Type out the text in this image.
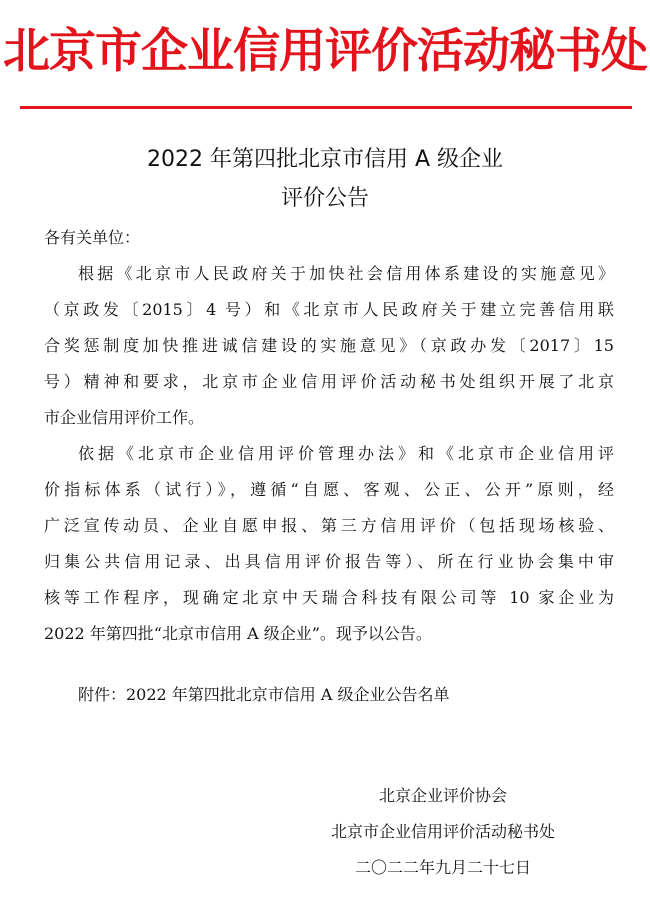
北京市企业信用评价活动秘书处
2022 年第四批北京市信用 A 级企业
评价公告
各有关单位：
根据《北京市人民政府关于加快社会信用体系建设的实施意见》
（京政发〔2015〕4 号）和《北京市人民政府关于建立完善信用联
合奖惩制度加快推进诚信建设的实施意见》（京政办发〔2017〕15
号）精神和要求，北京市企业信用评价活动秘书处组织开展了北京
市企业信用评价工作。
依据《北京市企业信用评价管理办法》和《北京市企业信用评
价指标体系（试行）》，遵循“自愿、客观、公正、公开”原则，经
广泛宣传动员、企业自愿申报、第三方信用评价（包括现场核验、
归集公共信用记录、出具信用评价报告等）、所在行业协会集中审
核等工作程序，现确定北京中天瑞合科技有限公司等 10 家企业为
2022 年第四批“北京市信用 A 级企业”。现予以公告。
附件：2022 年第四批北京市信用 A 级企业公告名单
北京企业评价协会
北京市企业信用评价活动秘书处
二〇二二年九月二十七日
